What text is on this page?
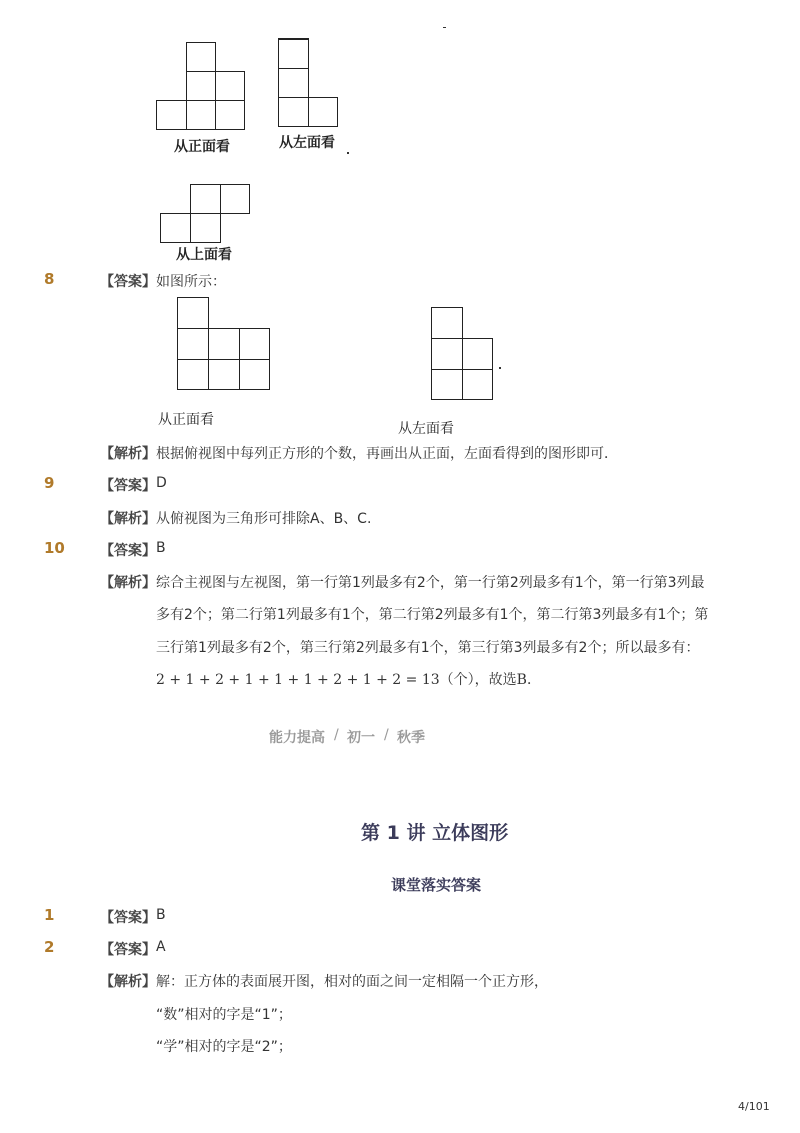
从正面看	从左面看
从上面看
8	【答案】 如图所示：
从正面看
从左面看
【解析】 根据俯视图中每列正方形的个数，再画出从正面，左面看得到的图形即可．
9	【答案】 D
【解析】 从俯视图为三角形可排除A、B、C.
10	【答案】 B
【解析】 综合主视图与左视图，第一行第1列最多有2个，第一行第2列最多有1个，第一行第3列最
多有2个；第二行第1列最多有1个，第二行第2列最多有1个，第二行第3列最多有1个；第
三行第1列最多有2个，第三行第2列最多有1个，第三行第3列最多有2个；所以最多有：
2 + 1 + 2 + 1 + 1 + 1 + 2 + 1 + 2 = 13（个），故选B．
能力提高 / 初一 / 秋季
第 1 讲 立体图形
课堂落实答案
1	【答案】 B
2	【答案】 A
【解析】 解：正方体的表面展开图，相对的面之间一定相隔一个正方形，
“数”相对的字是“1”；
“学”相对的字是“2”；
4/101
